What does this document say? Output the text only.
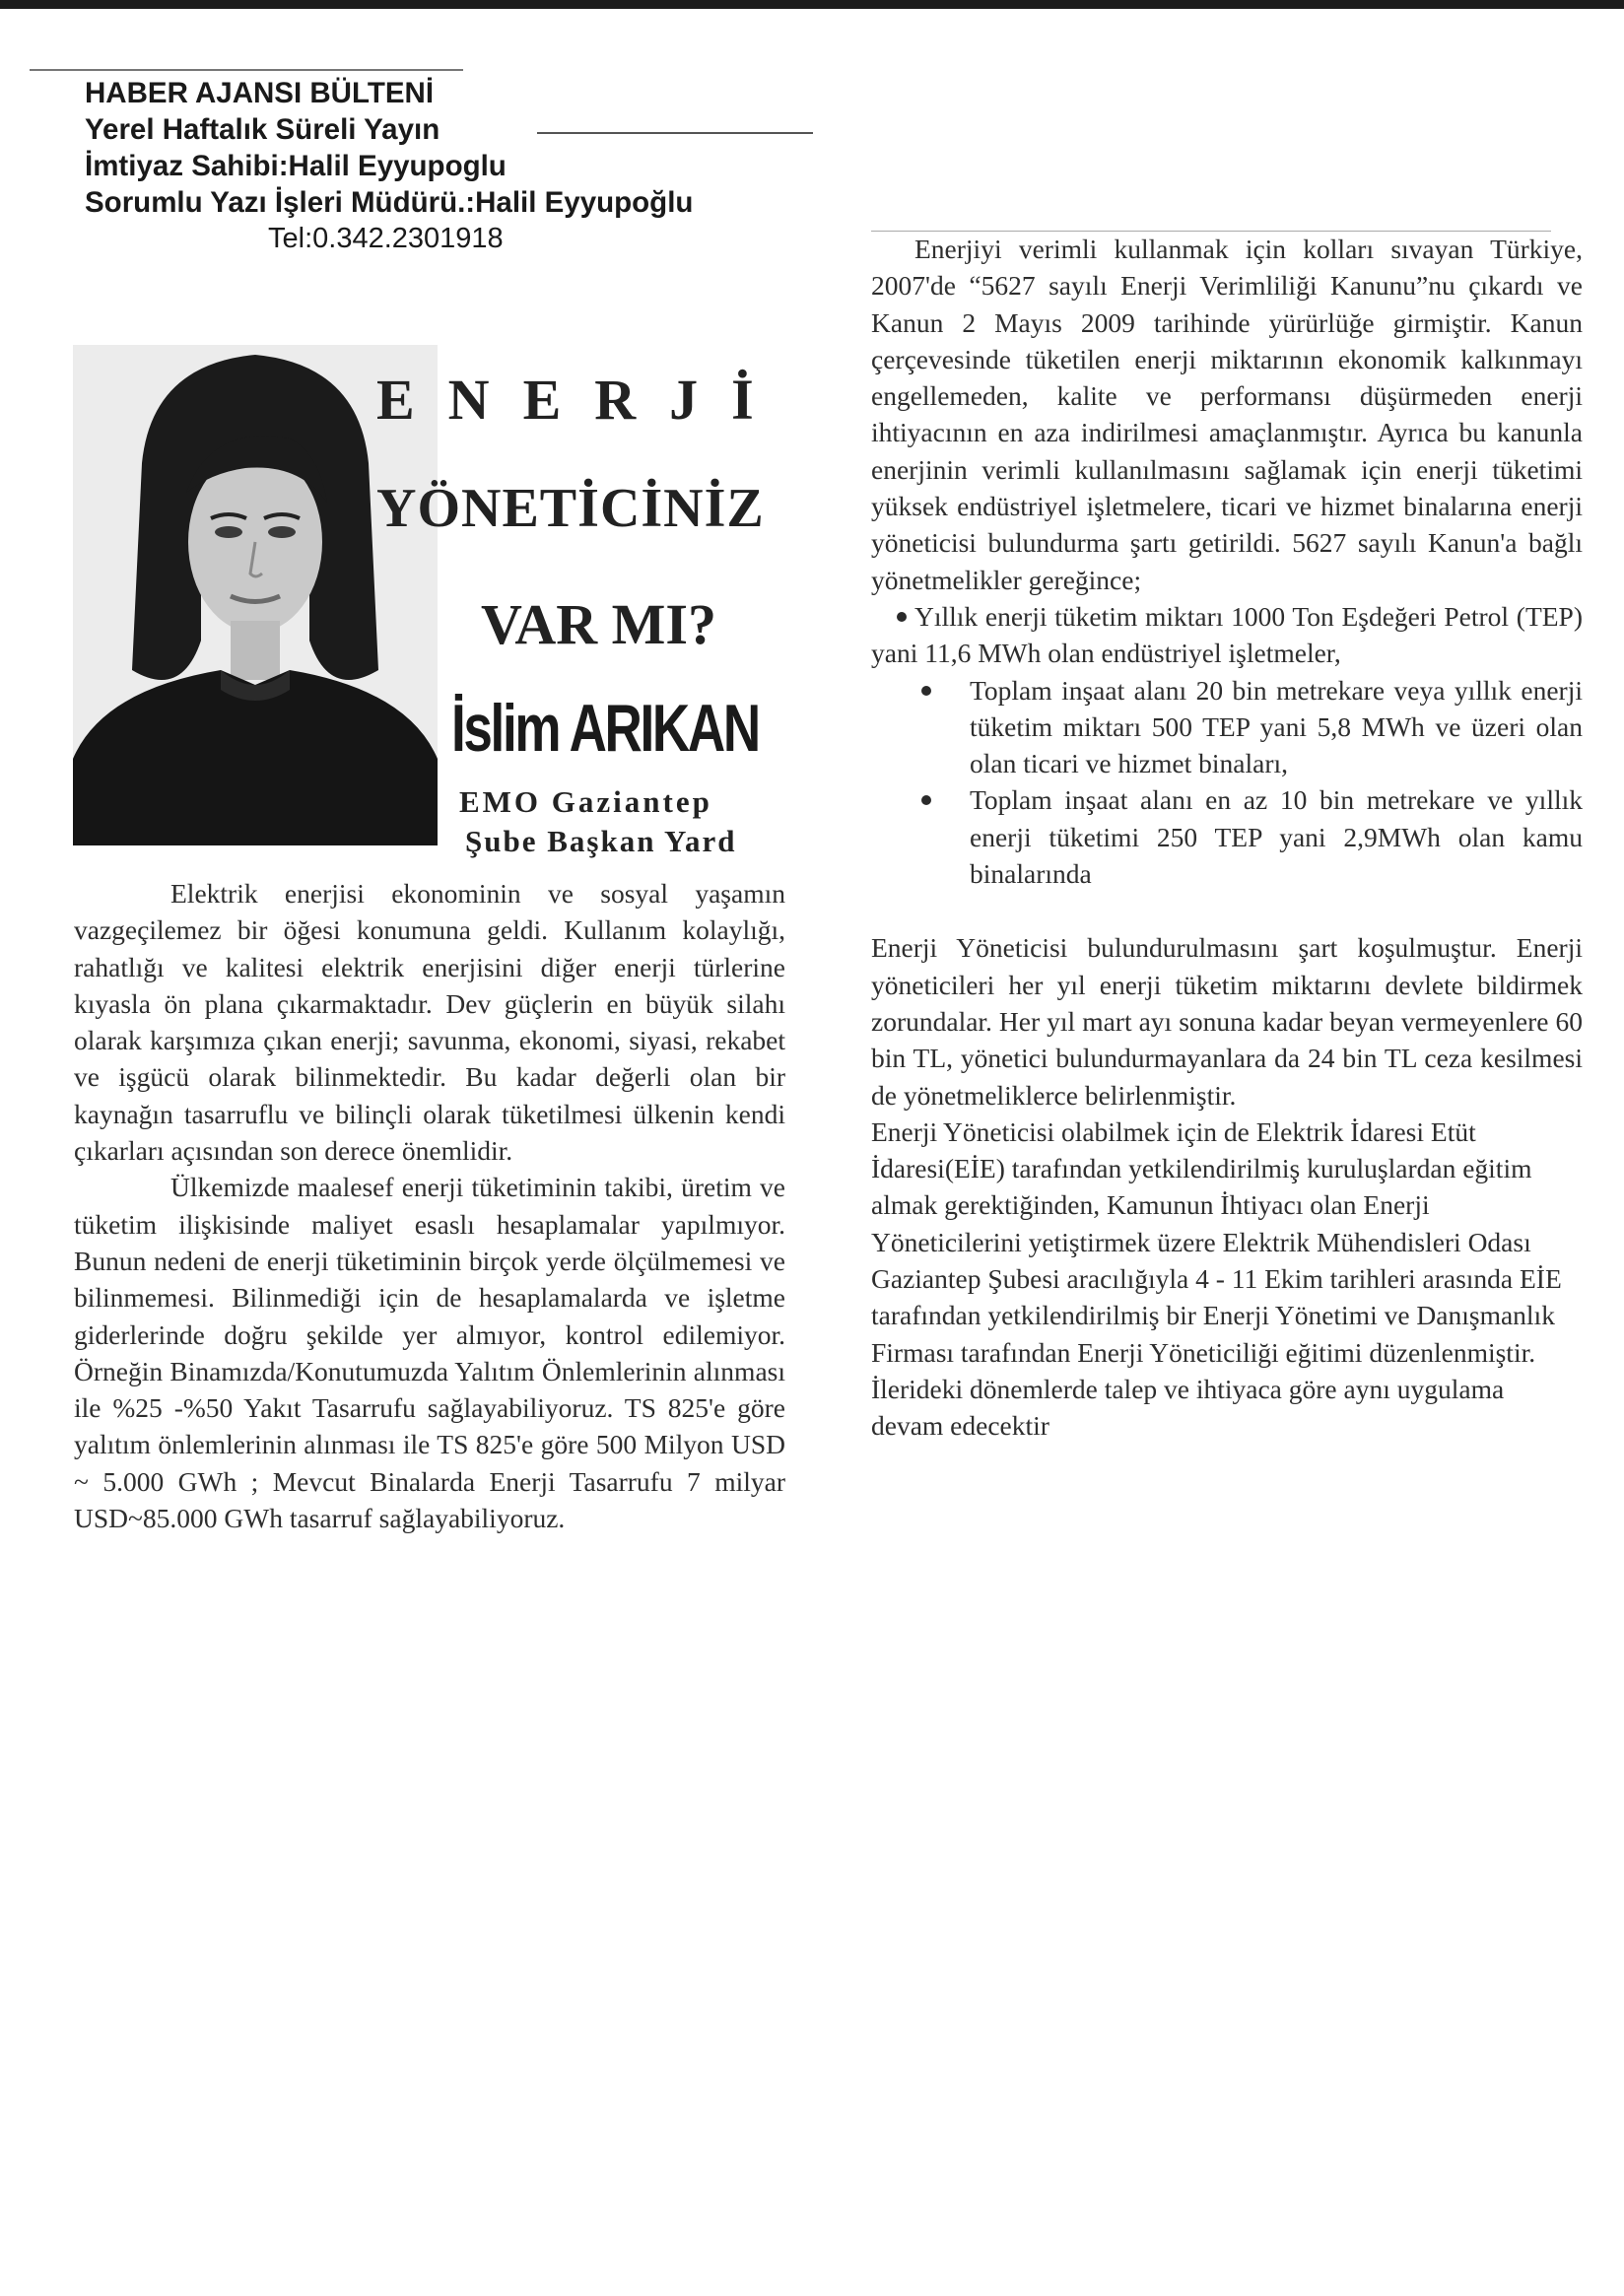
HABER AJANSI BÜLTENİ
Yerel Haftalık Süreli Yayın
İmtiyaz Sahibi:Halil Eyyupoglu
Sorumlu Yazı İşleri Müdürü.:Halil Eyyupoğlu
Tel:0.342.2301918
ENERJİ
YÖNETİCİNİZ
VAR MI?
İslim ARIKAN
EMO Gaziantep
Şube Başkan Yard

Elektrik enerjisi ekonominin ve sosyal yaşamın vazgeçilemez bir öğesi konumuna geldi. Kullanım kolaylığı, rahatlığı ve kalitesi elektrik enerjisini diğer enerji türlerine kıyasla ön plana çıkarmaktadır. Dev güçlerin en büyük silahı olarak karşımıza çıkan enerji; savunma, ekonomi, siyasi, rekabet ve işgücü olarak bilinmektedir. Bu kadar değerli olan bir kaynağın tasarruflu ve bilinçli olarak tüketilmesi ülkenin kendi çıkarları açısından son derece önemlidir.

Ülkemizde maalesef enerji tüketiminin takibi, üretim ve tüketim ilişkisinde maliyet esaslı hesaplamalar yapılmıyor. Bunun nedeni de enerji tüketiminin birçok yerde ölçülmemesi ve bilinmemesi. Bilinmediği için de hesaplamalarda ve işletme giderlerinde doğru şekilde yer almıyor, kontrol edilemiyor. Örneğin Binamızda/Konutumuzda Yalıtım Önlemlerinin alınması ile %25 -%50 Yakıt Tasarrufu sağlayabiliyoruz. TS 825'e göre yalıtım önlemlerinin alınması ile TS 825'e göre 500 Milyon USD ~ 5.000 GWh ; Mevcut Binalarda Enerji Tasarrufu 7 milyar USD~85.000 GWh tasarruf sağlayabiliyoruz.

Enerjiyi verimli kullanmak için kolları sıvayan Türkiye, 2007'de “5627 sayılı Enerji Verimliliği Kanunu”nu çıkardı ve Kanun 2 Mayıs 2009 tarihinde yürürlüğe girmiştir. Kanun çerçevesinde tüketilen enerji miktarının ekonomik kalkınmayı engellemeden, kalite ve performansı düşürmeden enerji ihtiyacının en aza indirilmesi amaçlanmıştır. Ayrıca bu kanunla enerjinin verimli kullanılmasını sağlamak için enerji tüketimi yüksek endüstriyel işletmelere, ticari ve hizmet binalarına enerji yöneticisi bulundurma şartı getirildi. 5627 sayılı Kanun'a bağlı yönetmelikler gereğince;

Yıllık enerji tüketim miktarı 1000 Ton Eşdeğeri Petrol (TEP) yani 11,6 MWh olan endüstriyel işletmeler,
Toplam inşaat alanı 20 bin metrekare veya yıllık enerji tüketim miktarı 500 TEP yani 5,8 MWh ve üzeri olan olan ticari ve hizmet binaları,
Toplam inşaat alanı en az 10 bin metrekare ve yıllık enerji tüketimi 250 TEP yani 2,9MWh olan kamu binalarında

Enerji Yöneticisi bulundurulmasını şart koşulmuştur. Enerji yöneticileri her yıl enerji tüketim miktarını devlete bildirmek zorundalar. Her yıl mart ayı sonuna kadar beyan vermeyenlere 60 bin TL, yönetici bulundurmayanlara da 24 bin TL ceza kesilmesi de yönetmeliklerce belirlenmiştir.

Enerji Yöneticisi olabilmek için de Elektrik İdaresi Etüt İdaresi(EİE) tarafından yetkilendirilmiş kuruluşlardan eğitim almak gerektiğinden, Kamunun İhtiyacı olan Enerji Yöneticilerini yetiştirmek üzere Elektrik Mühendisleri Odası Gaziantep Şubesi aracılığıyla 4 - 11 Ekim tarihleri arasında EİE tarafından yetkilendirilmiş bir Enerji Yönetimi ve Danışmanlık Firması tarafından Enerji Yöneticiliği eğitimi düzenlenmiştir. İlerideki dönemlerde talep ve ihtiyaca göre aynı uygulama devam edecektir
